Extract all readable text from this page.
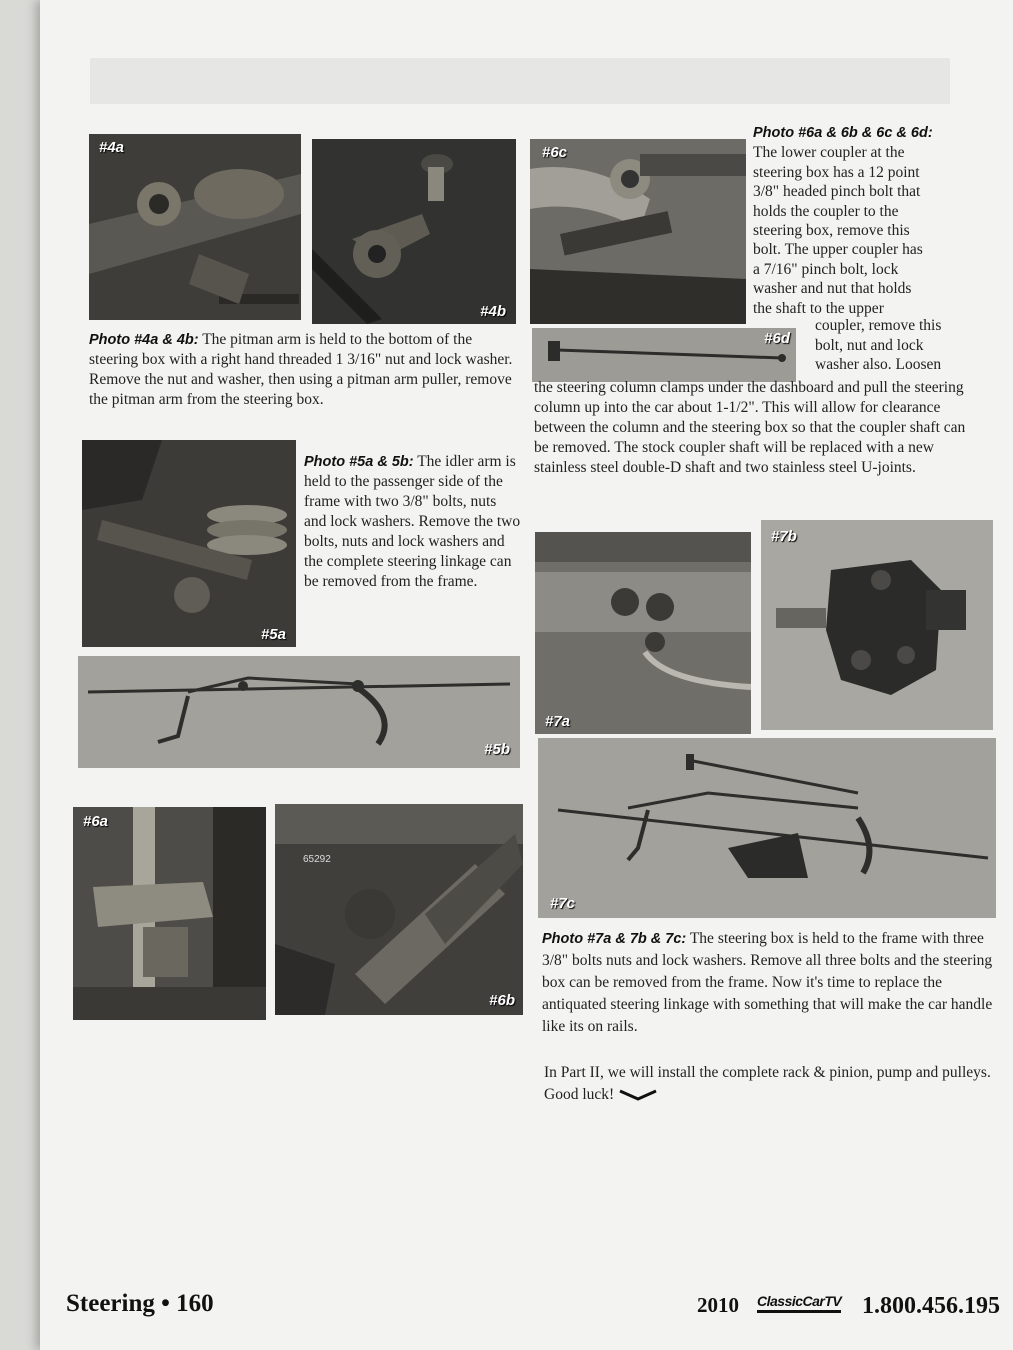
#4a
#4b
Photo #4a & 4b: The pitman arm is held to the bottom of the steering box with a right hand threaded 1 3/16" nut and lock washer. Remove the nut and washer, then using a pitman arm puller, remove the pitman arm from the steering box.
#6c
#6d
Photo #6a & 6b & 6c & 6d:
The lower coupler at the
steering box has a 12 point
3/8" headed pinch bolt that
holds the coupler to the
steering box, remove this
bolt. The upper coupler has
a 7/16" pinch bolt, lock
washer and nut that holds
the shaft to the upper
coupler, remove this
bolt, nut and lock
washer also. Loosen
the steering column clamps under the dashboard and pull the steering column up into the car about 1-1/2". This will allow for clearance between the column and the steering box so that the coupler shaft can be removed. The stock coupler shaft will be replaced with a new stainless steel double-D shaft and two stainless steel U-joints.
#5a
Photo #5a & 5b: The idler arm is held to the passenger side of the frame with two 3/8" bolts, nuts and lock washers. Remove the two bolts, nuts and lock washers and the complete steering linkage can be removed from the frame.
#5b
#7a
#7b
#7c
Photo #7a & 7b & 7c: The steering box is held to the frame with three 3/8" bolts nuts and lock washers. Remove all three bolts and the steering box can be removed from the frame. Now it's time to replace the antiquated steering linkage with something that will make the car handle like its on rails.
In Part II, we will install the complete rack & pinion, pump and pulleys. Good luck!
#6a
65292
#6b
Steering • 160	2010 ClassicCarTV 1.800.456.195
